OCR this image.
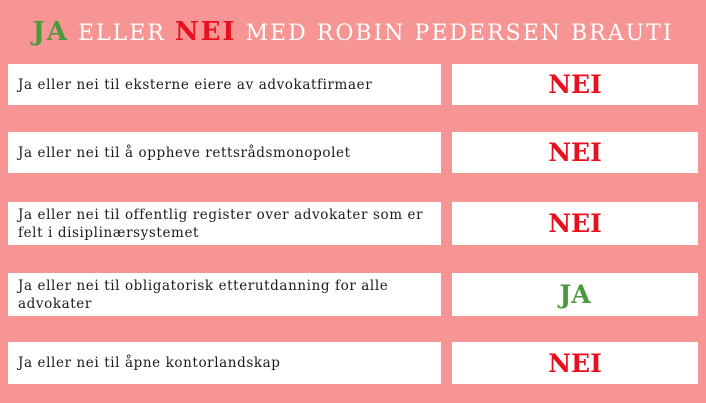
JA ELLER NEI MED ROBIN PEDERSEN BRAUTI
Ja eller nei til eksterne eiere av advokatfirmaer	NEI
Ja eller nei til å oppheve rettsrådsmonopolet	NEI
Ja eller nei til offentlig register over advokater som er felt i disiplinærsystemet	NEI
Ja eller nei til obligatorisk etterutdanning for alle advokater	JA
Ja eller nei til åpne kontorlandskap	NEI
